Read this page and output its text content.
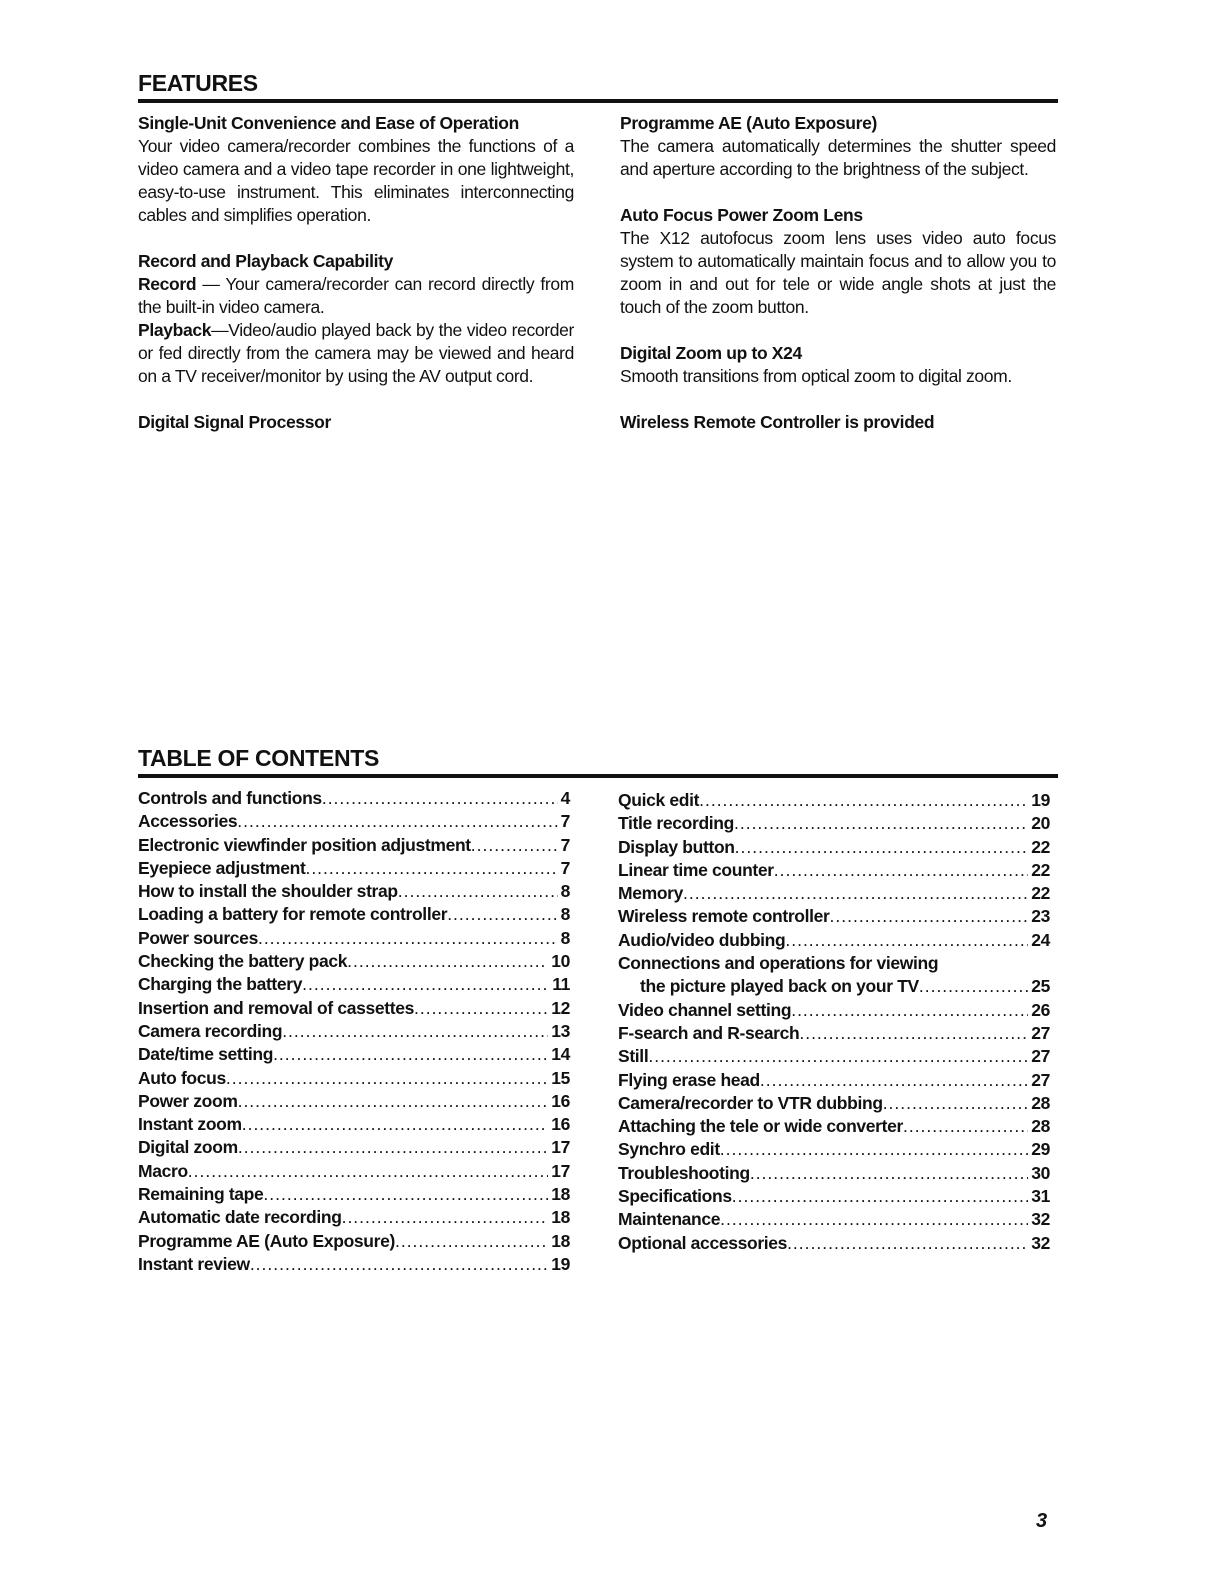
FEATURES

Single-Unit Convenience and Ease of Operation
Your video camera/recorder combines the functions of a video camera and a video tape recorder in one lightweight, easy-to-use instrument. This eliminates interconnecting cables and simplifies operation.

Record and Playback Capability
Record — Your camera/recorder can record directly from the built-in video camera.
Playback—Video/audio played back by the video recorder or fed directly from the camera may be viewed and heard on a TV receiver/monitor by using the AV output cord.

Digital Signal Processor

Programme AE (Auto Exposure)
The camera automatically determines the shutter speed and aperture according to the brightness of the subject.

Auto Focus Power Zoom Lens
The X12 autofocus zoom lens uses video auto focus system to automatically maintain focus and to allow you to zoom in and out for tele or wide angle shots at just the touch of the zoom button.

Digital Zoom up to X24
Smooth transitions from optical zoom to digital zoom.

Wireless Remote Controller is provided

TABLE OF CONTENTS
Controls and functions .....	4
Accessories .....	7
Electronic viewfinder position adjustment .....	7
Eyepiece adjustment .....	7
How to install the shoulder strap .....	8
Loading a battery for remote controller .....	8
Power sources .....	8
Checking the battery pack .....	10
Charging the battery .....	11
Insertion and removal of cassettes .....	12
Camera recording .....	13
Date/time setting .....	14
Auto focus .....	15
Power zoom .....	16
Instant zoom .....	16
Digital zoom .....	17
Macro .....	17
Remaining tape .....	18
Automatic date recording .....	18
Programme AE (Auto Exposure) .....	18
Instant review .....	19
Quick edit .....	19
Title recording .....	20
Display button .....	22
Linear time counter .....	22
Memory .....	22
Wireless remote controller .....	23
Audio/video dubbing .....	24
Connections and operations for viewing
the picture played back on your TV .....	25
Video channel setting .....	26
F-search and R-search .....	27
Still .....	27
Flying erase head .....	27
Camera/recorder to VTR dubbing .....	28
Attaching the tele or wide converter .....	28
Synchro edit .....	29
Troubleshooting .....	30
Specifications .....	31
Maintenance .....	32
Optional accessories .....	32
3
